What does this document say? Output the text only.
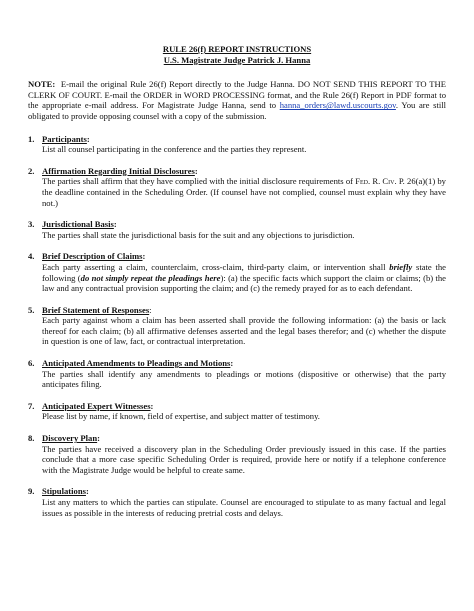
RULE 26(f) REPORT INSTRUCTIONS
U.S. Magistrate Judge Patrick J. Hanna
NOTE: E-mail the original Rule 26(f) Report directly to the Judge Hanna. DO NOT SEND THIS REPORT TO THE CLERK OF COURT. E-mail the ORDER in WORD PROCESSING format, and the Rule 26(f) Report in PDF format to the appropriate e-mail address. For Magistrate Judge Hanna, send to hanna_orders@lawd.uscourts.gov. You are still obligated to provide opposing counsel with a copy of the submission.
1. Participants:
List all counsel participating in the conference and the parties they represent.
2. Affirmation Regarding Initial Disclosures:
The parties shall affirm that they have complied with the initial disclosure requirements of Fed. R. Civ. P. 26(a)(1) by the deadline contained in the Scheduling Order. (If counsel have not complied, counsel must explain why they have not.)
3. Jurisdictional Basis:
The parties shall state the jurisdictional basis for the suit and any objections to jurisdiction.
4. Brief Description of Claims:
Each party asserting a claim, counterclaim, cross-claim, third-party claim, or intervention shall briefly state the following (do not simply repeat the pleadings here): (a) the specific facts which support the claim or claims; (b) the law and any contractual provision supporting the claim; and (c) the remedy prayed for as to each defendant.
5. Brief Statement of Responses:
Each party against whom a claim has been asserted shall provide the following information: (a) the basis or lack thereof for each claim; (b) all affirmative defenses asserted and the legal bases therefor; and (c) whether the dispute in question is one of law, fact, or contractual interpretation.
6. Anticipated Amendments to Pleadings and Motions:
The parties shall identify any amendments to pleadings or motions (dispositive or otherwise) that the party anticipates filing.
7. Anticipated Expert Witnesses:
Please list by name, if known, field of expertise, and subject matter of testimony.
8. Discovery Plan:
The parties have received a discovery plan in the Scheduling Order previously issued in this case. If the parties conclude that a more case specific Scheduling Order is required, provide here or notify if a telephone conference with the Magistrate Judge would be helpful to create same.
9. Stipulations:
List any matters to which the parties can stipulate. Counsel are encouraged to stipulate to as many factual and legal issues as possible in the interests of reducing pretrial costs and delays.
